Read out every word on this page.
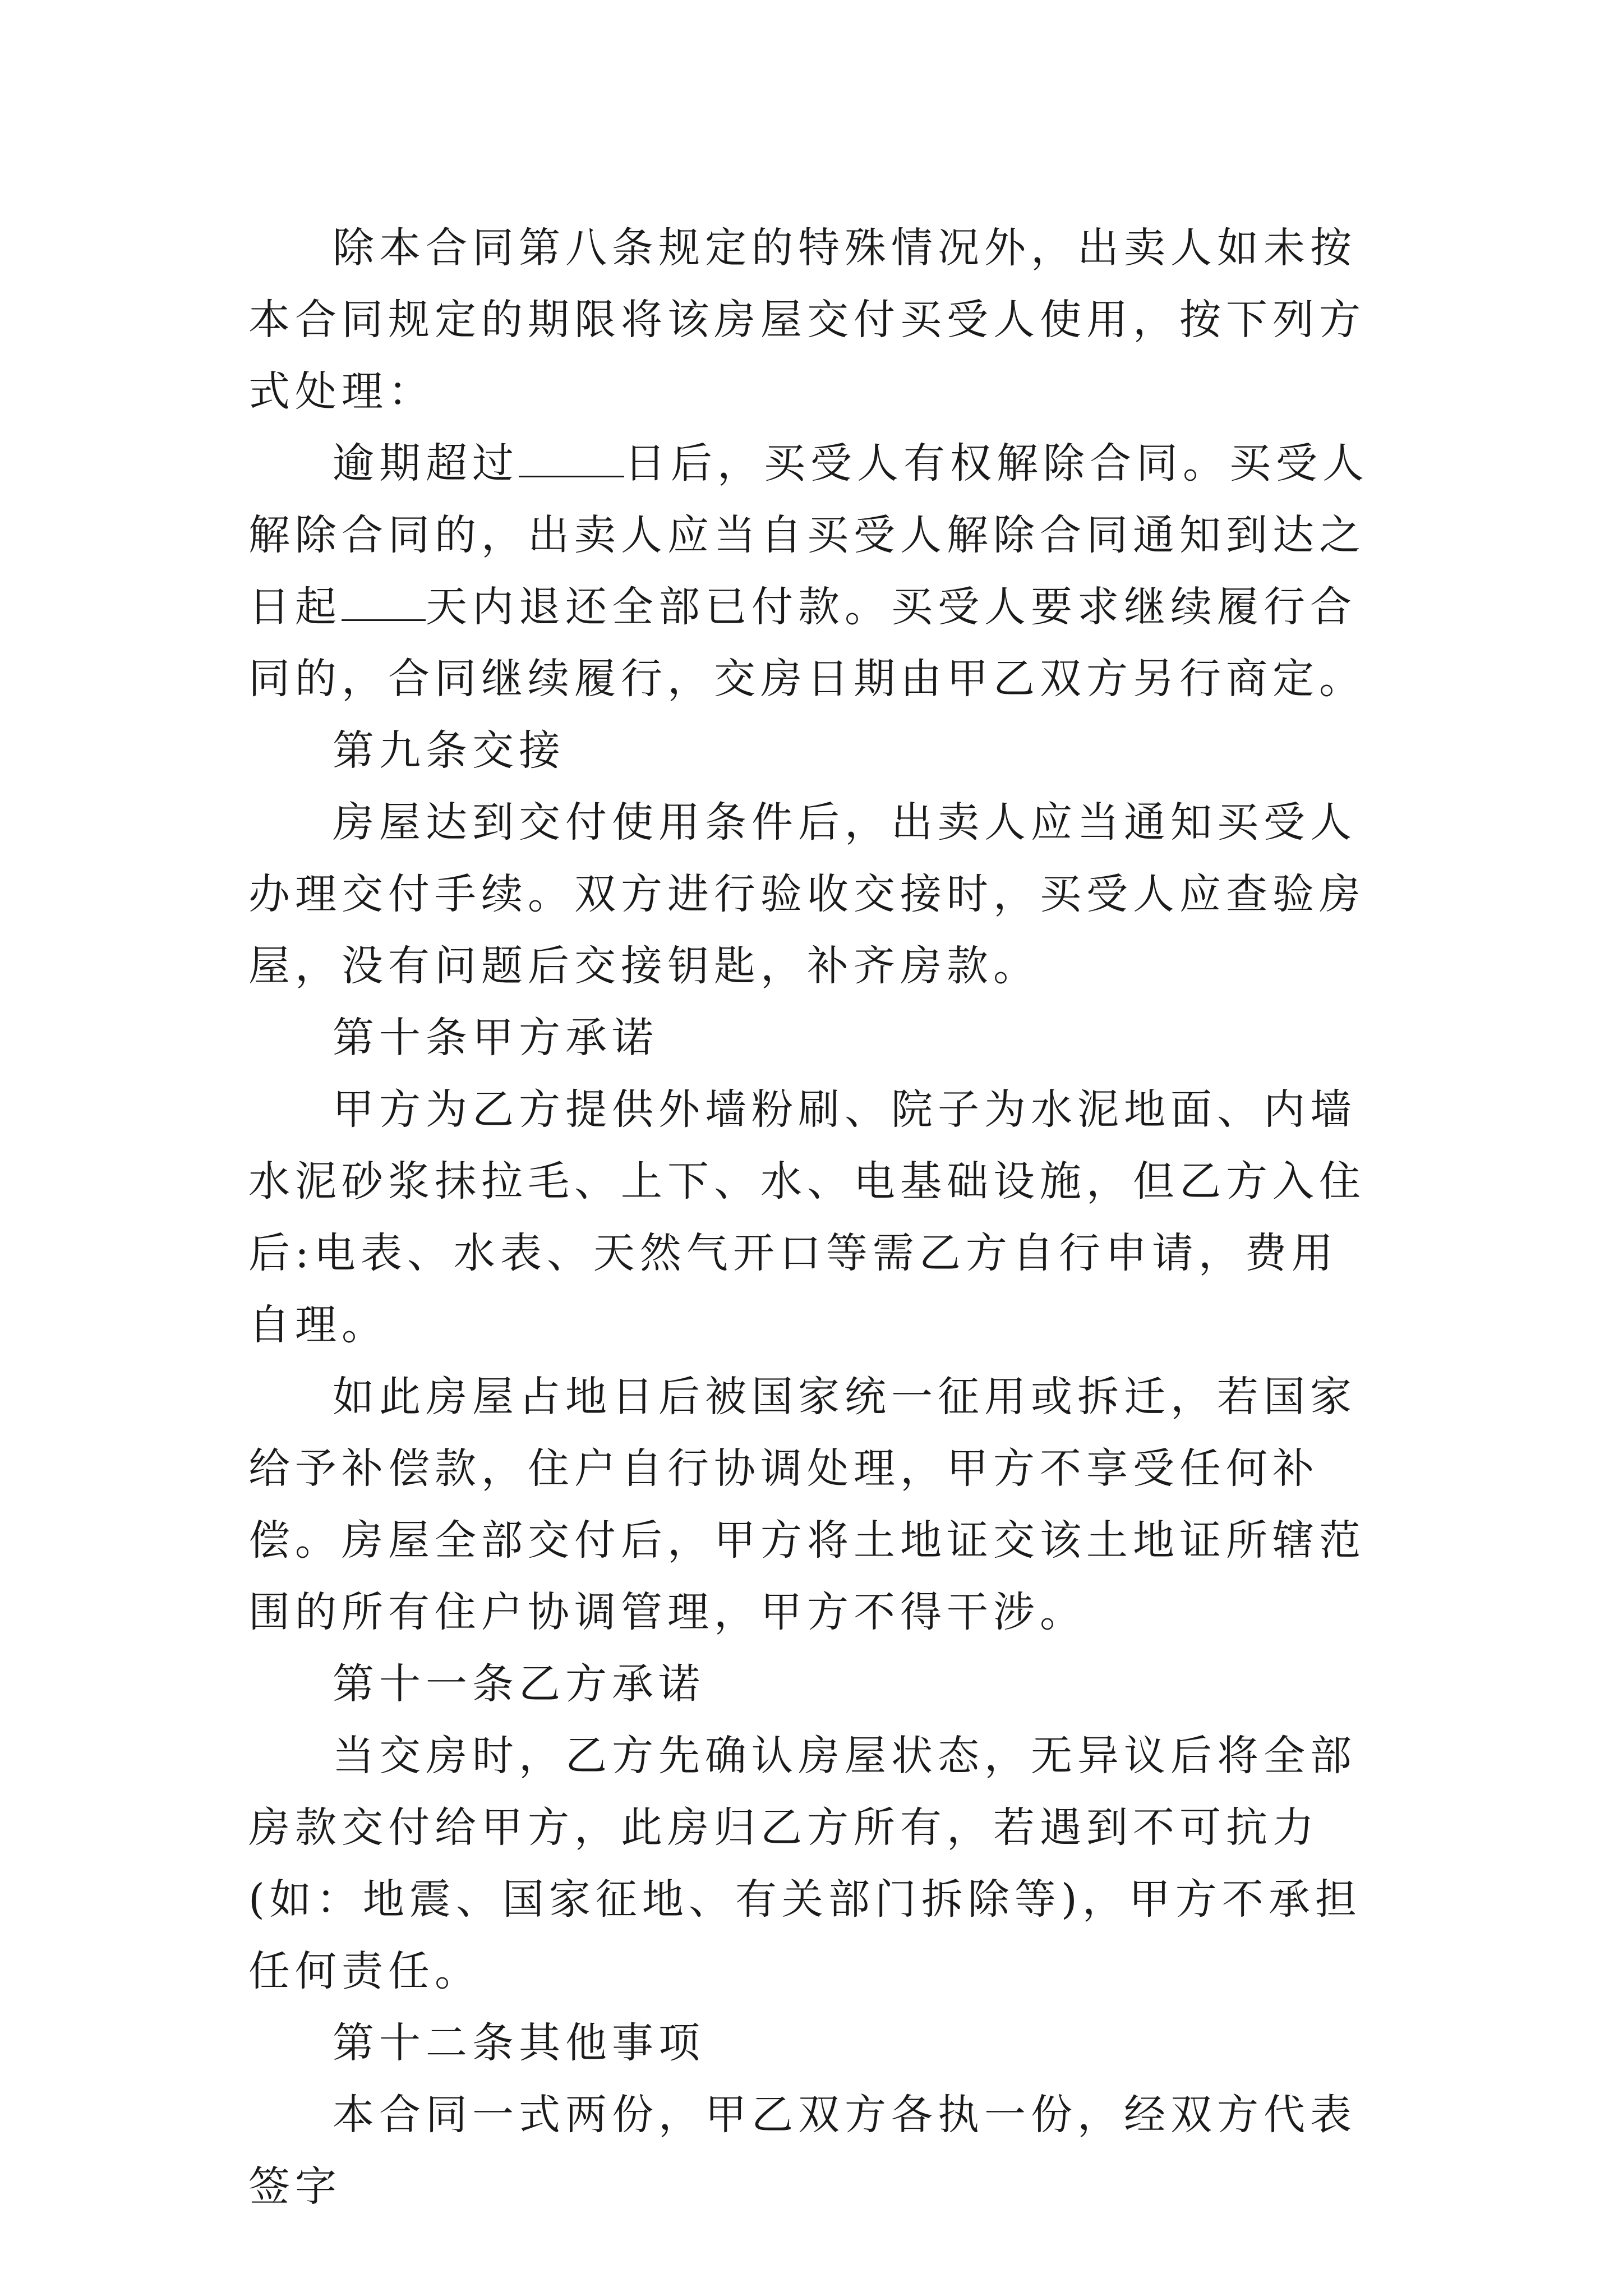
除本合同第八条规定的特殊情况外，出卖人如未按本合同规定的期限将该房屋交付买受人使用，按下列方式处理：

逾期超过	日后，买受人有权解除合同。买受人解除合同的，出卖人应当自买受人解除合同通知到达之日起 天内退还全部已付款。买受人要求继续履行合同的，合同继续履行，交房日期由甲乙双方另行商定。

第九条交接

房屋达到交付使用条件后，出卖人应当通知买受人办理交付手续。双方进行验收交接时，买受人应查验房屋，没有问题后交接钥匙，补齐房款。

第十条甲方承诺

甲方为乙方提供外墙粉刷、院子为水泥地面、内墙水泥砂浆抹拉毛、上下、水、电基础设施，但乙方入住后:电表、水表、天然气开口等需乙方自行申请，费用自理。

如此房屋占地日后被国家统一征用或拆迁，若国家给予补偿款，住户自行协调处理，甲方不享受任何补偿。房屋全部交付后，甲方将土地证交该土地证所辖范围的所有住户协调管理，甲方不得干涉。

第十一条乙方承诺

当交房时，乙方先确认房屋状态，无异议后将全部房款交付给甲方，此房归乙方所有，若遇到不可抗力(如：地震、国家征地、有关部门拆除等)，甲方不承担任何责任。

第十二条其他事项

本合同一式两份，甲乙双方各执一份，经双方代表签字
